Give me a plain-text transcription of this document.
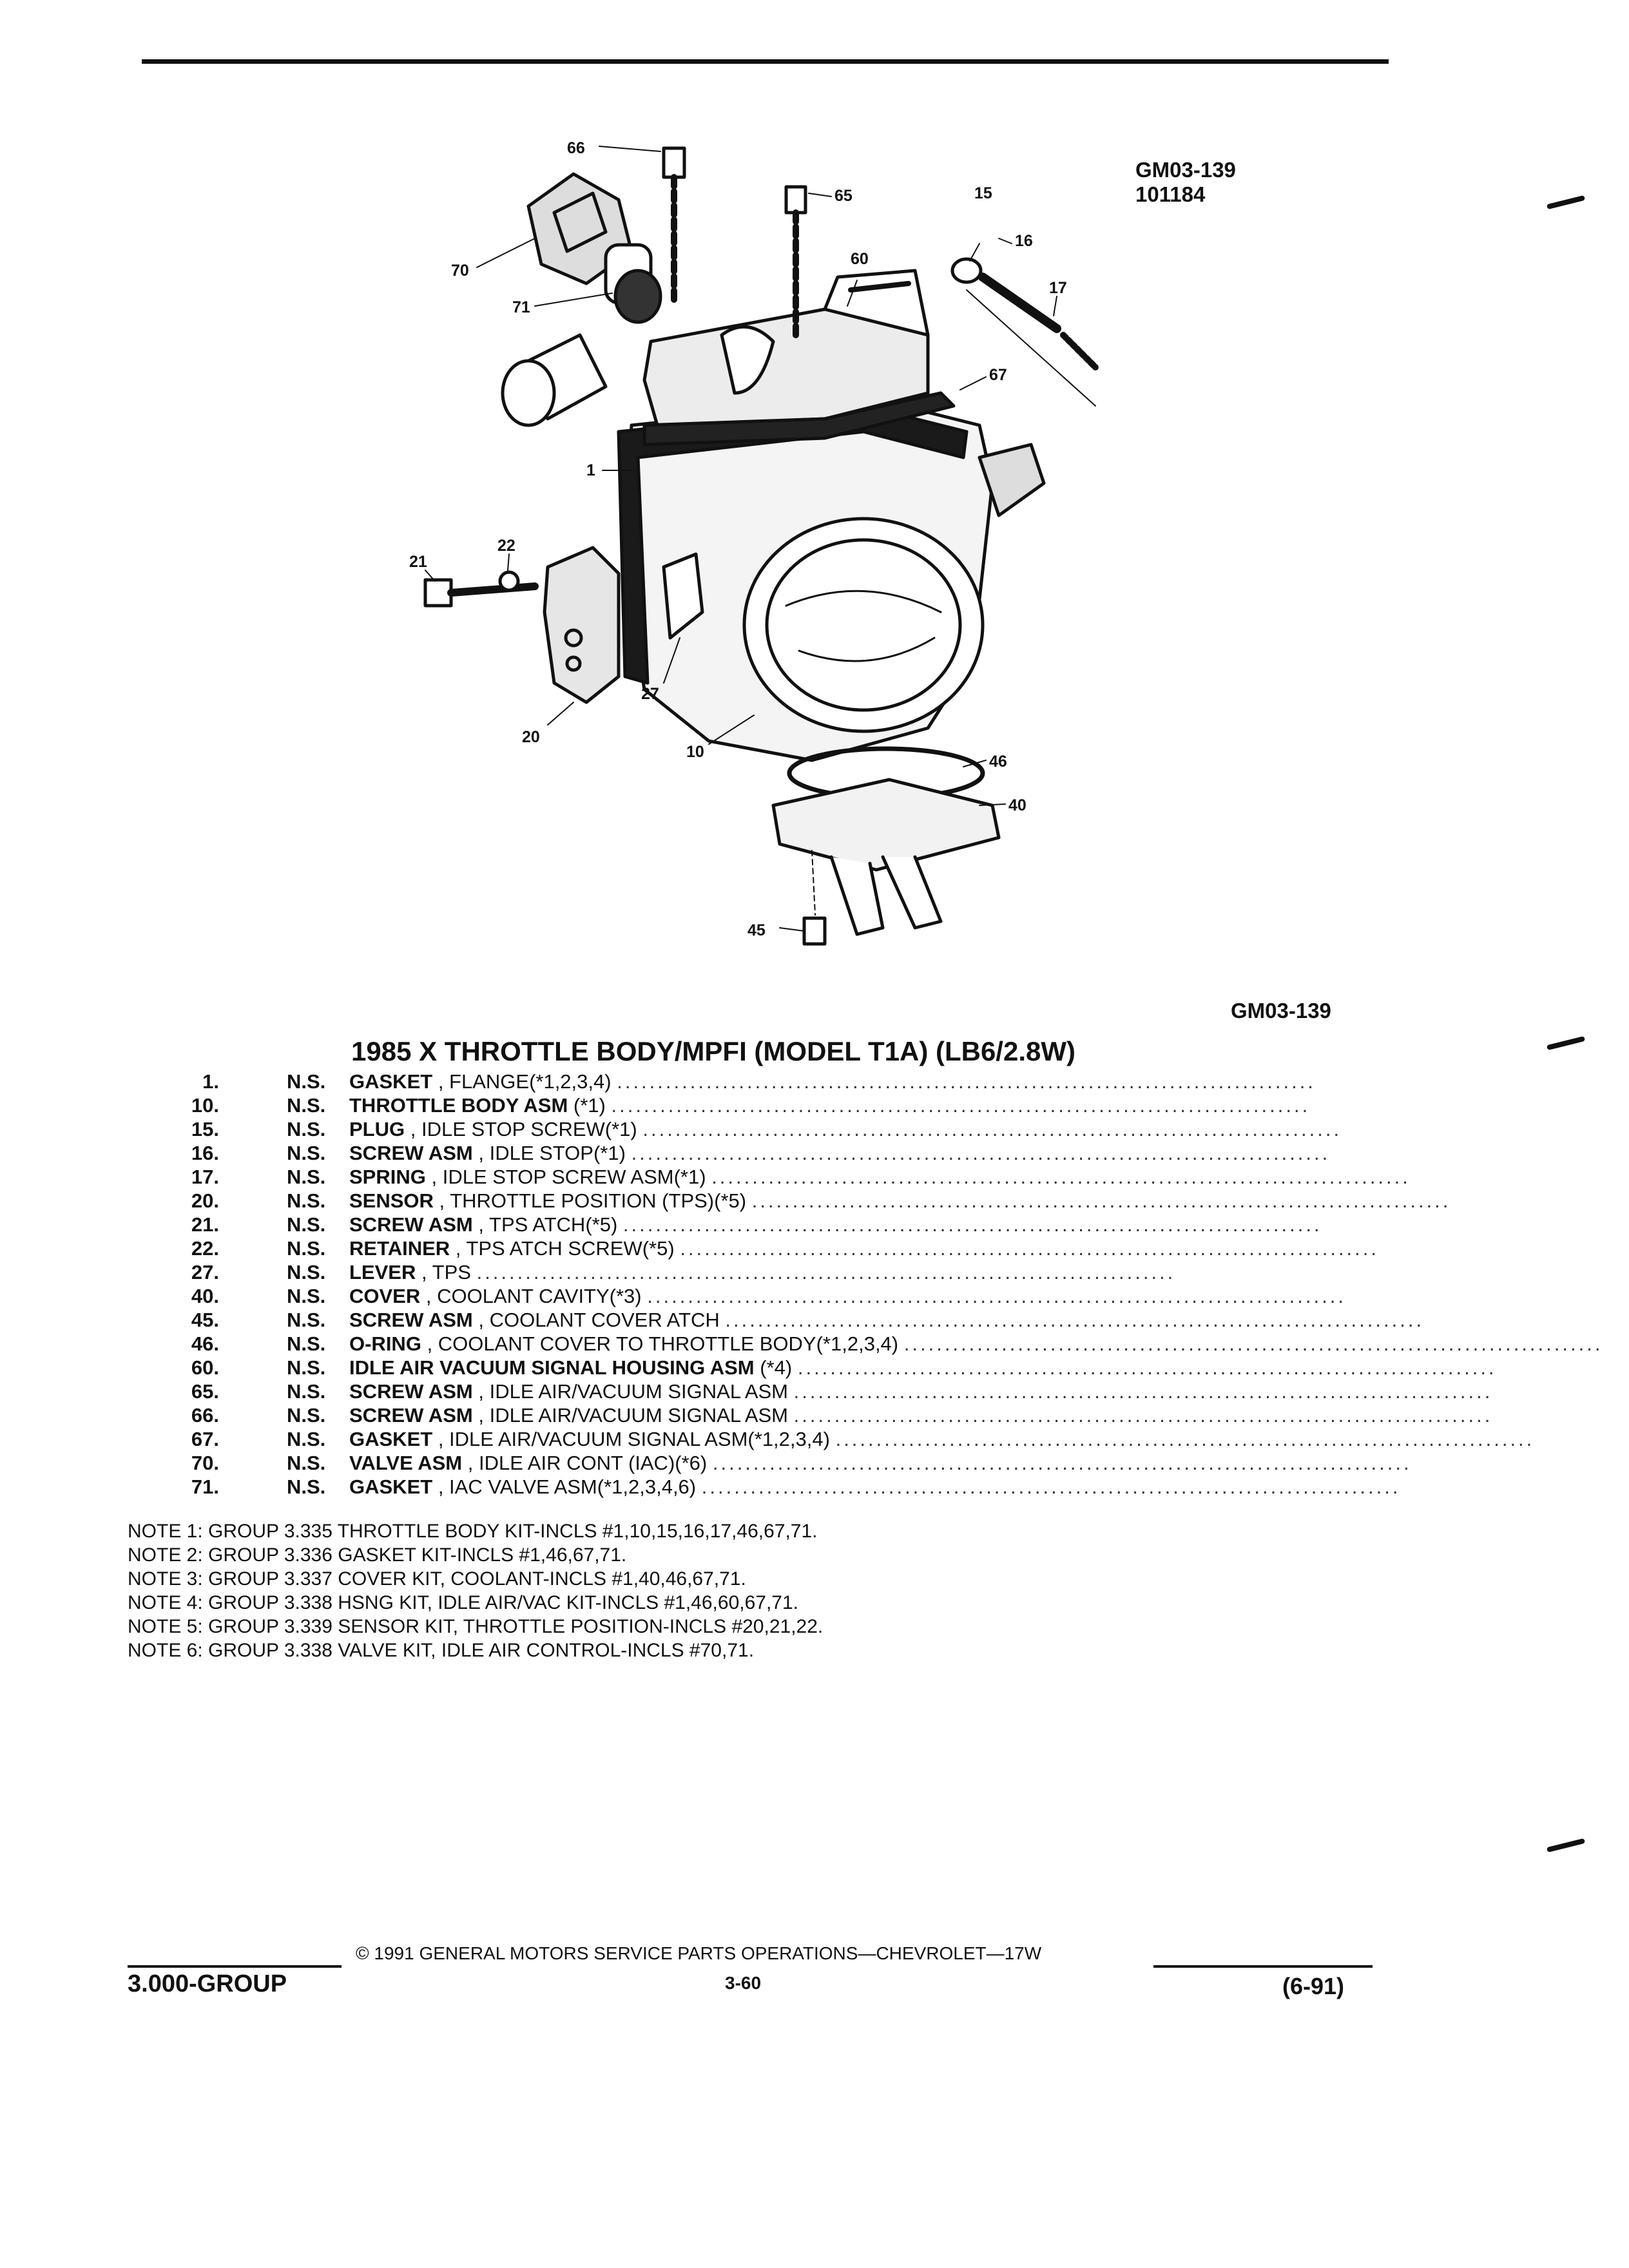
GM03-139
101184
66
65	15
16
60
70
71
17
67
1
22
21
20
27
10
46
40
45
GM03-139
1985 X THROTTLE BODY/MPFI (MODEL T1A) (LB6/2.8W)
1.	N.S. GASKET , FLANGE(*1,2,3,4) ......................................................................................
10.	N.S. THROTTLE BODY ASM (*1) ......................................................................................
15.	N.S. PLUG , IDLE STOP SCREW(*1) ......................................................................................
16.	N.S. SCREW ASM , IDLE STOP(*1) ......................................................................................
17.	N.S. SPRING , IDLE STOP SCREW ASM(*1) ......................................................................................
20.	N.S. SENSOR , THROTTLE POSITION (TPS)(*5) ......................................................................................
21.	N.S. SCREW ASM , TPS ATCH(*5) ......................................................................................
22.	N.S. RETAINER , TPS ATCH SCREW(*5) ......................................................................................
27.	N.S. LEVER , TPS ......................................................................................
40.	N.S. COVER , COOLANT CAVITY(*3) ......................................................................................
45.	N.S. SCREW ASM , COOLANT COVER ATCH ......................................................................................
46.	N.S. O-RING , COOLANT COVER TO THROTTLE BODY(*1,2,3,4) ......................................................................................
60.	N.S. IDLE AIR VACUUM SIGNAL HOUSING ASM (*4) ......................................................................................
65.	N.S. SCREW ASM , IDLE AIR/VACUUM SIGNAL ASM ......................................................................................
66.	N.S. SCREW ASM , IDLE AIR/VACUUM SIGNAL ASM ......................................................................................
67.	N.S. GASKET , IDLE AIR/VACUUM SIGNAL ASM(*1,2,3,4) ......................................................................................
70.	N.S. VALVE ASM , IDLE AIR CONT (IAC)(*6) ......................................................................................
71.	N.S. GASKET , IAC VALVE ASM(*1,2,3,4,6) ......................................................................................
NOTE 1: GROUP 3.335 THROTTLE BODY KIT-INCLS #1,10,15,16,17,46,67,71.
NOTE 2: GROUP 3.336 GASKET KIT-INCLS #1,46,67,71.
NOTE 3: GROUP 3.337 COVER KIT, COOLANT-INCLS #1,40,46,67,71.
NOTE 4: GROUP 3.338 HSNG KIT, IDLE AIR/VAC KIT-INCLS #1,46,60,67,71.
NOTE 5: GROUP 3.339 SENSOR KIT, THROTTLE POSITION-INCLS #20,21,22.
NOTE 6: GROUP 3.338 VALVE KIT, IDLE AIR CONTROL-INCLS #70,71.
© 1991 GENERAL MOTORS SERVICE PARTS OPERATIONS—CHEVROLET—17W
3.000-GROUP	3-60	(6-91)
